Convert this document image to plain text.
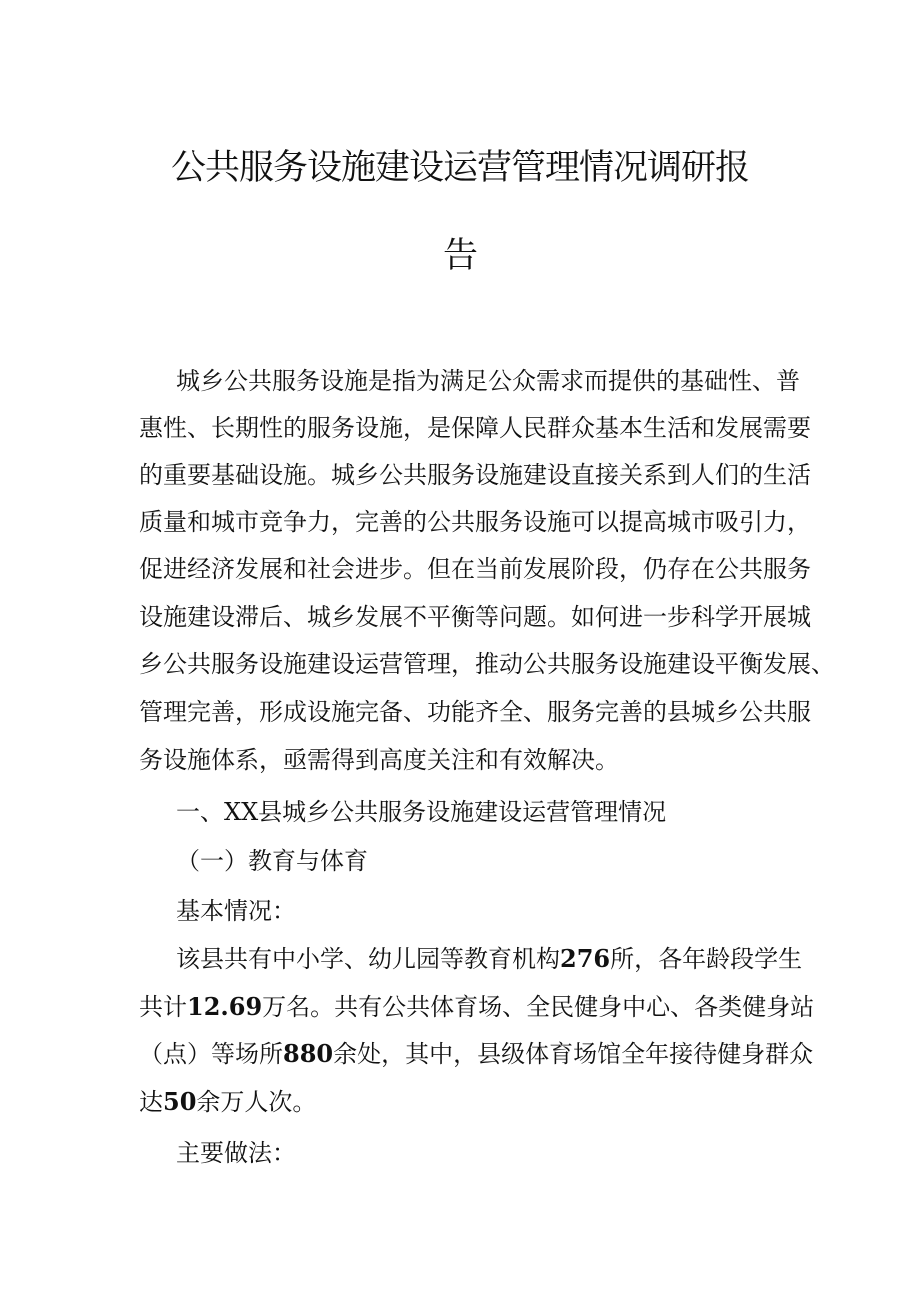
公共服务设施建设运营管理情况调研报
告
城乡公共服务设施是指为满足公众需求而提供的基础性、普
惠性、长期性的服务设施，是保障人民群众基本生活和发展需要
的重要基础设施。城乡公共服务设施建设直接关系到人们的生活
质量和城市竞争力，完善的公共服务设施可以提高城市吸引力，
促进经济发展和社会进步。但在当前发展阶段，仍存在公共服务
设施建设滞后、城乡发展不平衡等问题。如何进一步科学开展城
乡公共服务设施建设运营管理，推动公共服务设施建设平衡发展、
管理完善，形成设施完备、功能齐全、服务完善的县城乡公共服
务设施体系，亟需得到高度关注和有效解决。
一、XX县城乡公共服务设施建设运营管理情况
（一）教育与体育
基本情况：
该县共有中小学、幼儿园等教育机构276所，各年龄段学生
共计12.69万名。共有公共体育场、全民健身中心、各类健身站
（点）等场所880余处，其中，县级体育场馆全年接待健身群众
达50余万人次。
主要做法：
